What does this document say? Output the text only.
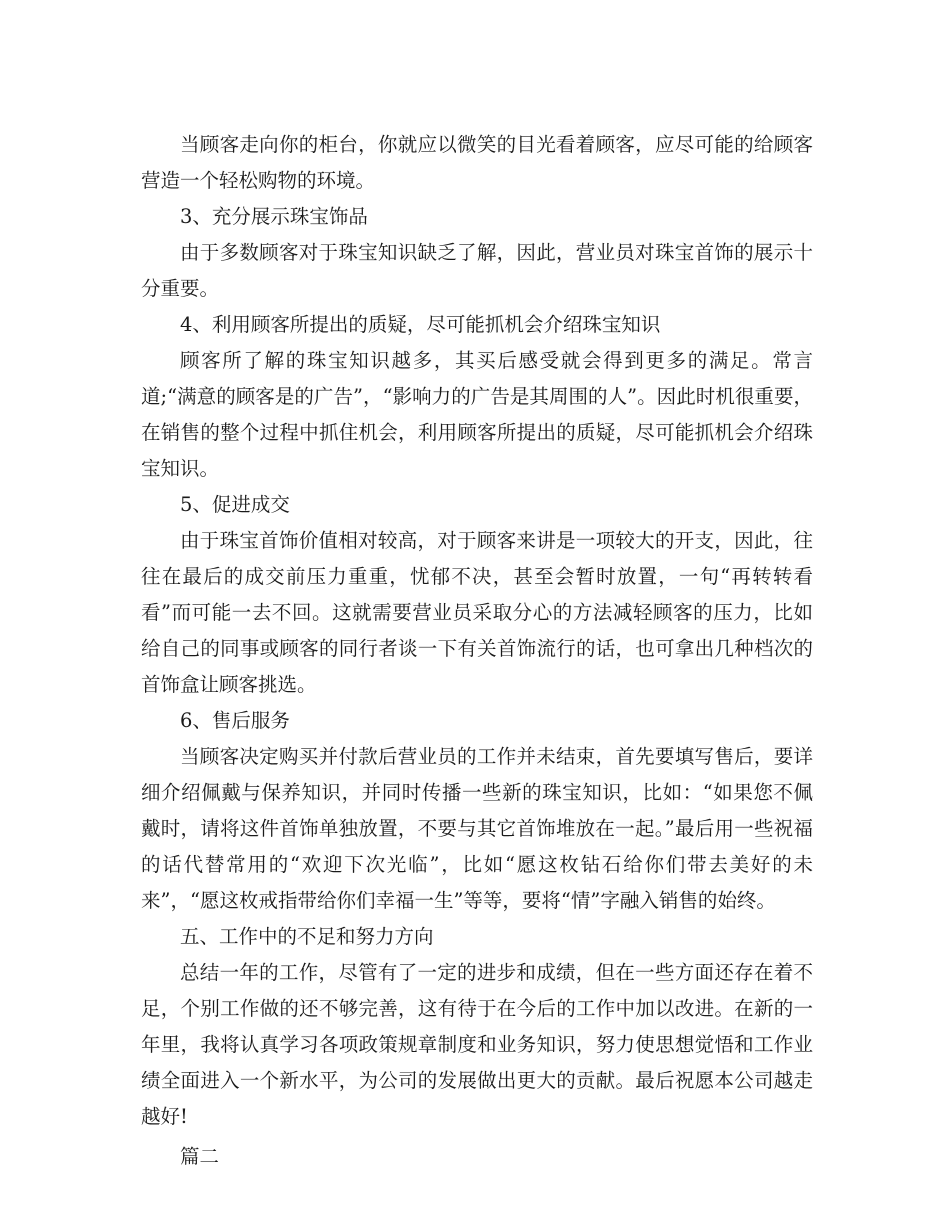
当顾客走向你的柜台，你就应以微笑的目光看着顾客，应尽可能的给顾客营造一个轻松购物的环境。

3、充分展示珠宝饰品

由于多数顾客对于珠宝知识缺乏了解，因此，营业员对珠宝首饰的展示十分重要。

4、利用顾客所提出的质疑，尽可能抓机会介绍珠宝知识

顾客所了解的珠宝知识越多，其买后感受就会得到更多的满足。常言道;“满意的顾客是的广告”，“影响力的广告是其周围的人”。因此时机很重要，在销售的整个过程中抓住机会，利用顾客所提出的质疑，尽可能抓机会介绍珠宝知识。

5、促进成交

由于珠宝首饰价值相对较高，对于顾客来讲是一项较大的开支，因此，往往在最后的成交前压力重重，忧郁不决，甚至会暂时放置，一句“再转转看看”而可能一去不回。这就需要营业员采取分心的方法减轻顾客的压力，比如给自己的同事或顾客的同行者谈一下有关首饰流行的话，也可拿出几种档次的首饰盒让顾客挑选。

6、售后服务

当顾客决定购买并付款后营业员的工作并未结束，首先要填写售后，要详细介绍佩戴与保养知识，并同时传播一些新的珠宝知识，比如：“如果您不佩戴时，请将这件首饰单独放置，不要与其它首饰堆放在一起。”最后用一些祝福的话代替常用的“欢迎下次光临”，比如“愿这枚钻石给你们带去美好的未来”，“愿这枚戒指带给你们幸福一生”等等，要将“情”字融入销售的始终。

五、工作中的不足和努力方向

总结一年的工作，尽管有了一定的进步和成绩，但在一些方面还存在着不足，个别工作做的还不够完善，这有待于在今后的工作中加以改进。在新的一年里，我将认真学习各项政策规章制度和业务知识，努力使思想觉悟和工作业绩全面进入一个新水平，为公司的发展做出更大的贡献。最后祝愿本公司越走越好!

篇二
